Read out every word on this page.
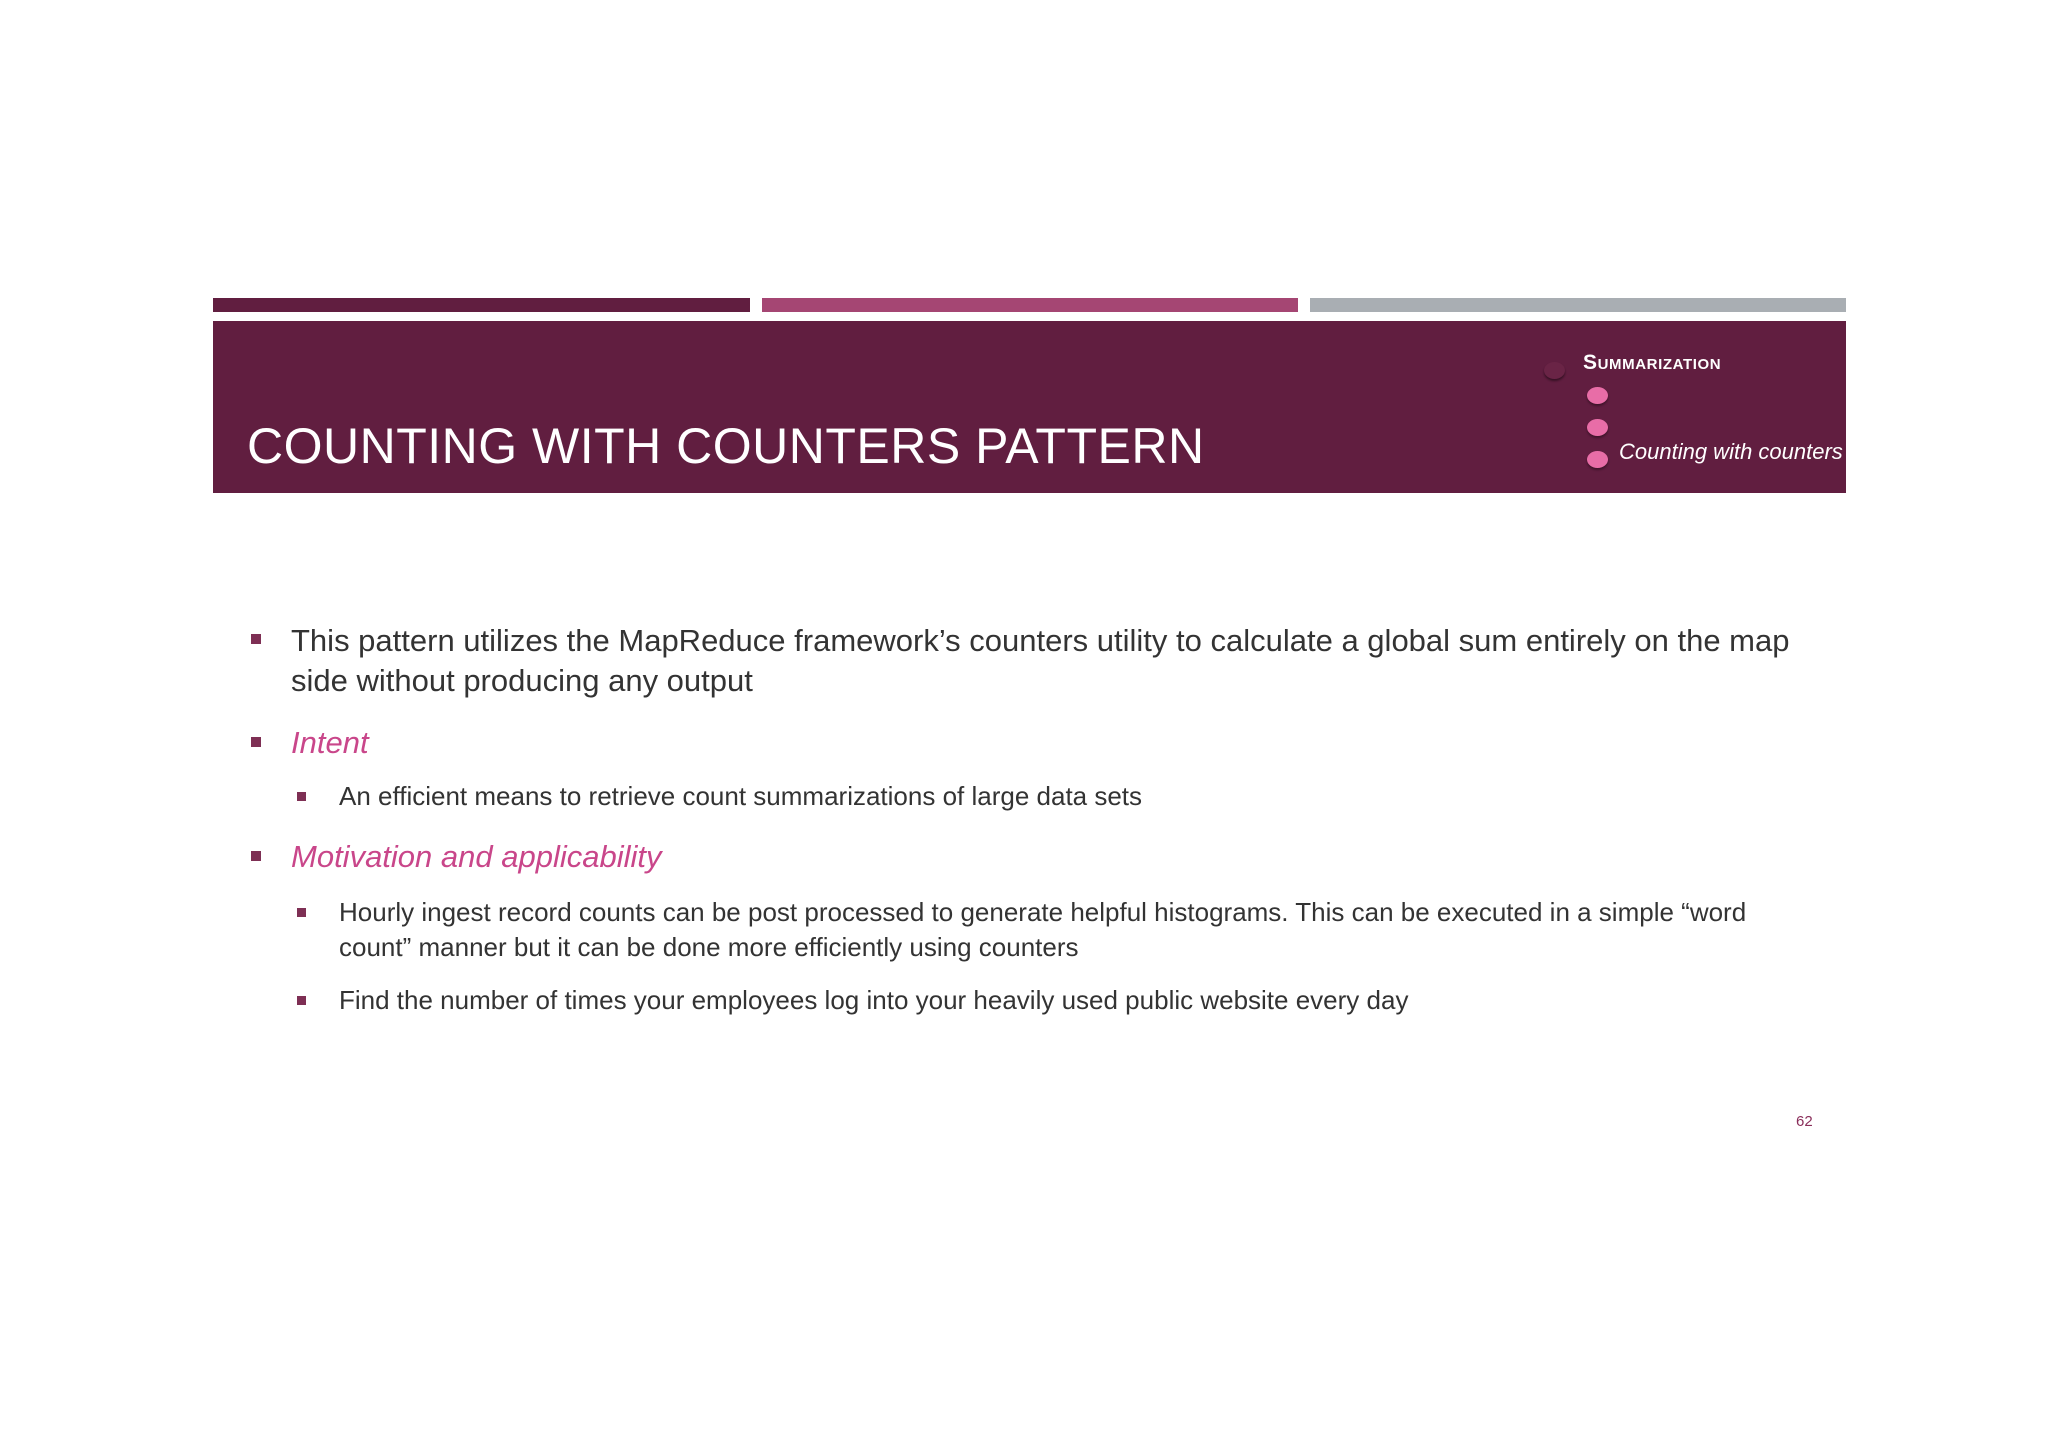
COUNTING WITH COUNTERS PATTERN
Summarization
Counting with counters

This pattern utilizes the MapReduce framework’s counters utility to calculate a global sum entirely on the map side without producing any output

Intent

An efficient means to retrieve count summarizations of large data sets

Motivation and applicability

Hourly ingest record counts can be post processed to generate helpful histograms. This can be executed in a simple “word count” manner but it can be done more efficiently using counters

Find the number of times your employees log into your heavily used public website every day

62
